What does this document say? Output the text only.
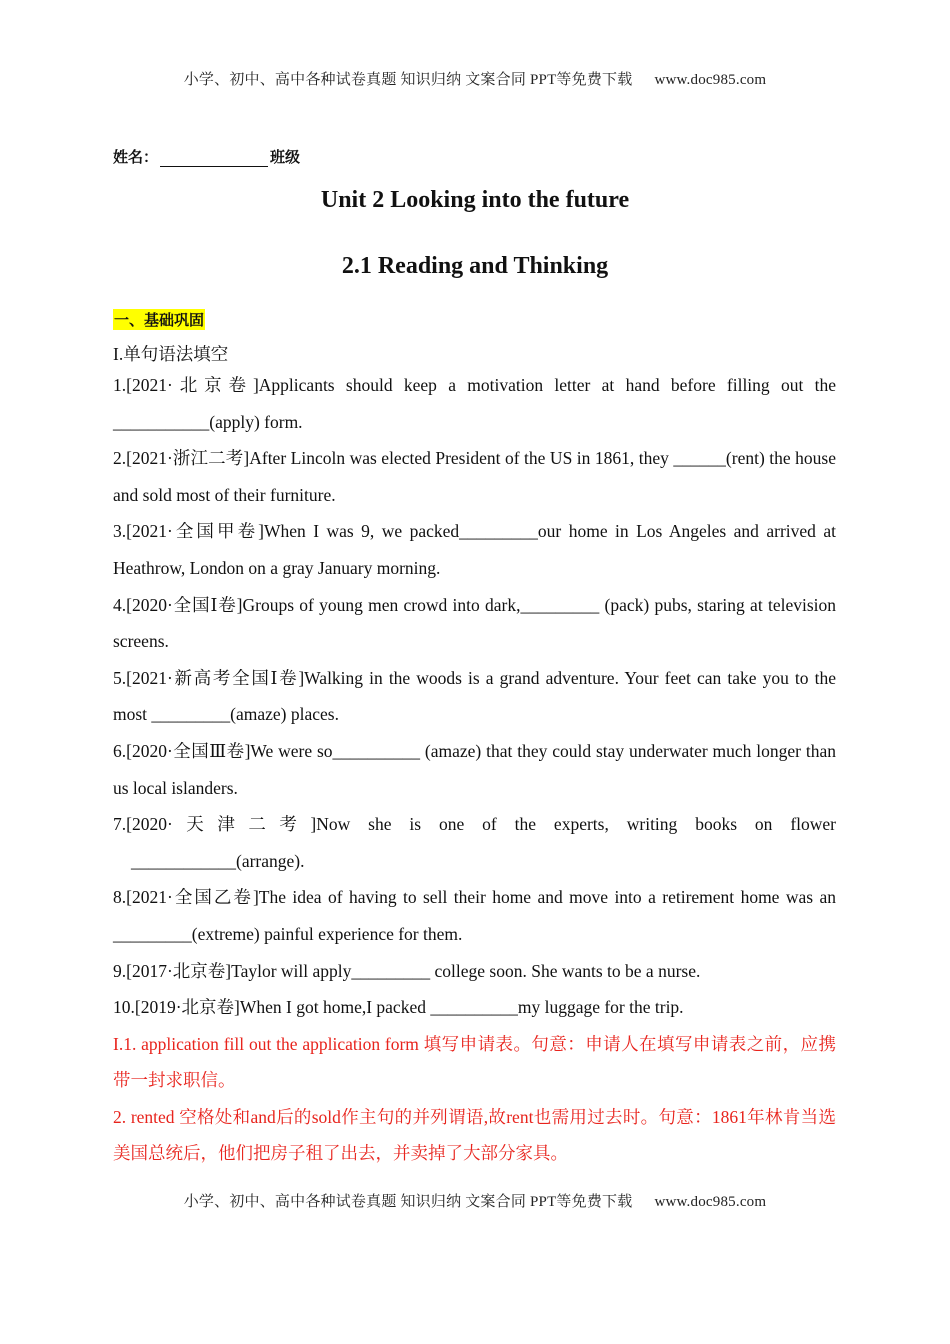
小学、初中、高中各种试卷真题 知识归纳 文案合同 PPT等免费下载 www.doc985.com
姓名：	班级
Unit 2 Looking into the future
2.1 Reading and Thinking
一、基础巩固
I.单句语法填空
1.[2021·北京卷]Applicants should keep a motivation letter at hand before filling out the ___________(apply) form.
2.[2021·浙江二考]After Lincoln was elected President of the US in 1861, they ______(rent) the house and sold most of their furniture.
3.[2021·全国甲卷]When I was 9, we packed_________our home in Los Angeles and arrived at Heathrow, London on a gray January morning.
4.[2020·全国Ⅰ卷]Groups of young men crowd into dark,_________ (pack) pubs, staring at television screens.
5.[2021·新高考全国Ⅰ卷]Walking in the woods is a grand adventure. Your feet can take you to the most _________(amaze) places.
6.[2020·全国Ⅲ卷]We were so__________ (amaze) that they could stay underwater much longer than us local islanders.
7.[2020·天津二考]Now she is one of the experts, writing books on flower
____________(arrange).
8.[2021·全国乙卷]The idea of having to sell their home and move into a retirement home was an _________(extreme) painful experience for them.
9.[2017·北京卷]Taylor will apply_________ college soon. She wants to be a nurse.
10.[2019·北京卷]When I got home,I packed __________my luggage for the trip.
I.1. application fill out the application form 填写申请表。句意：申请人在填写申请表之前，应携带一封求职信。
2. rented 空格处和and后的sold作主句的并列谓语,故rent也需用过去时。句意：1861年林肯当选美国总统后，他们把房子租了出去，并卖掉了大部分家具。
小学、初中、高中各种试卷真题 知识归纳 文案合同 PPT等免费下载 www.doc985.com
